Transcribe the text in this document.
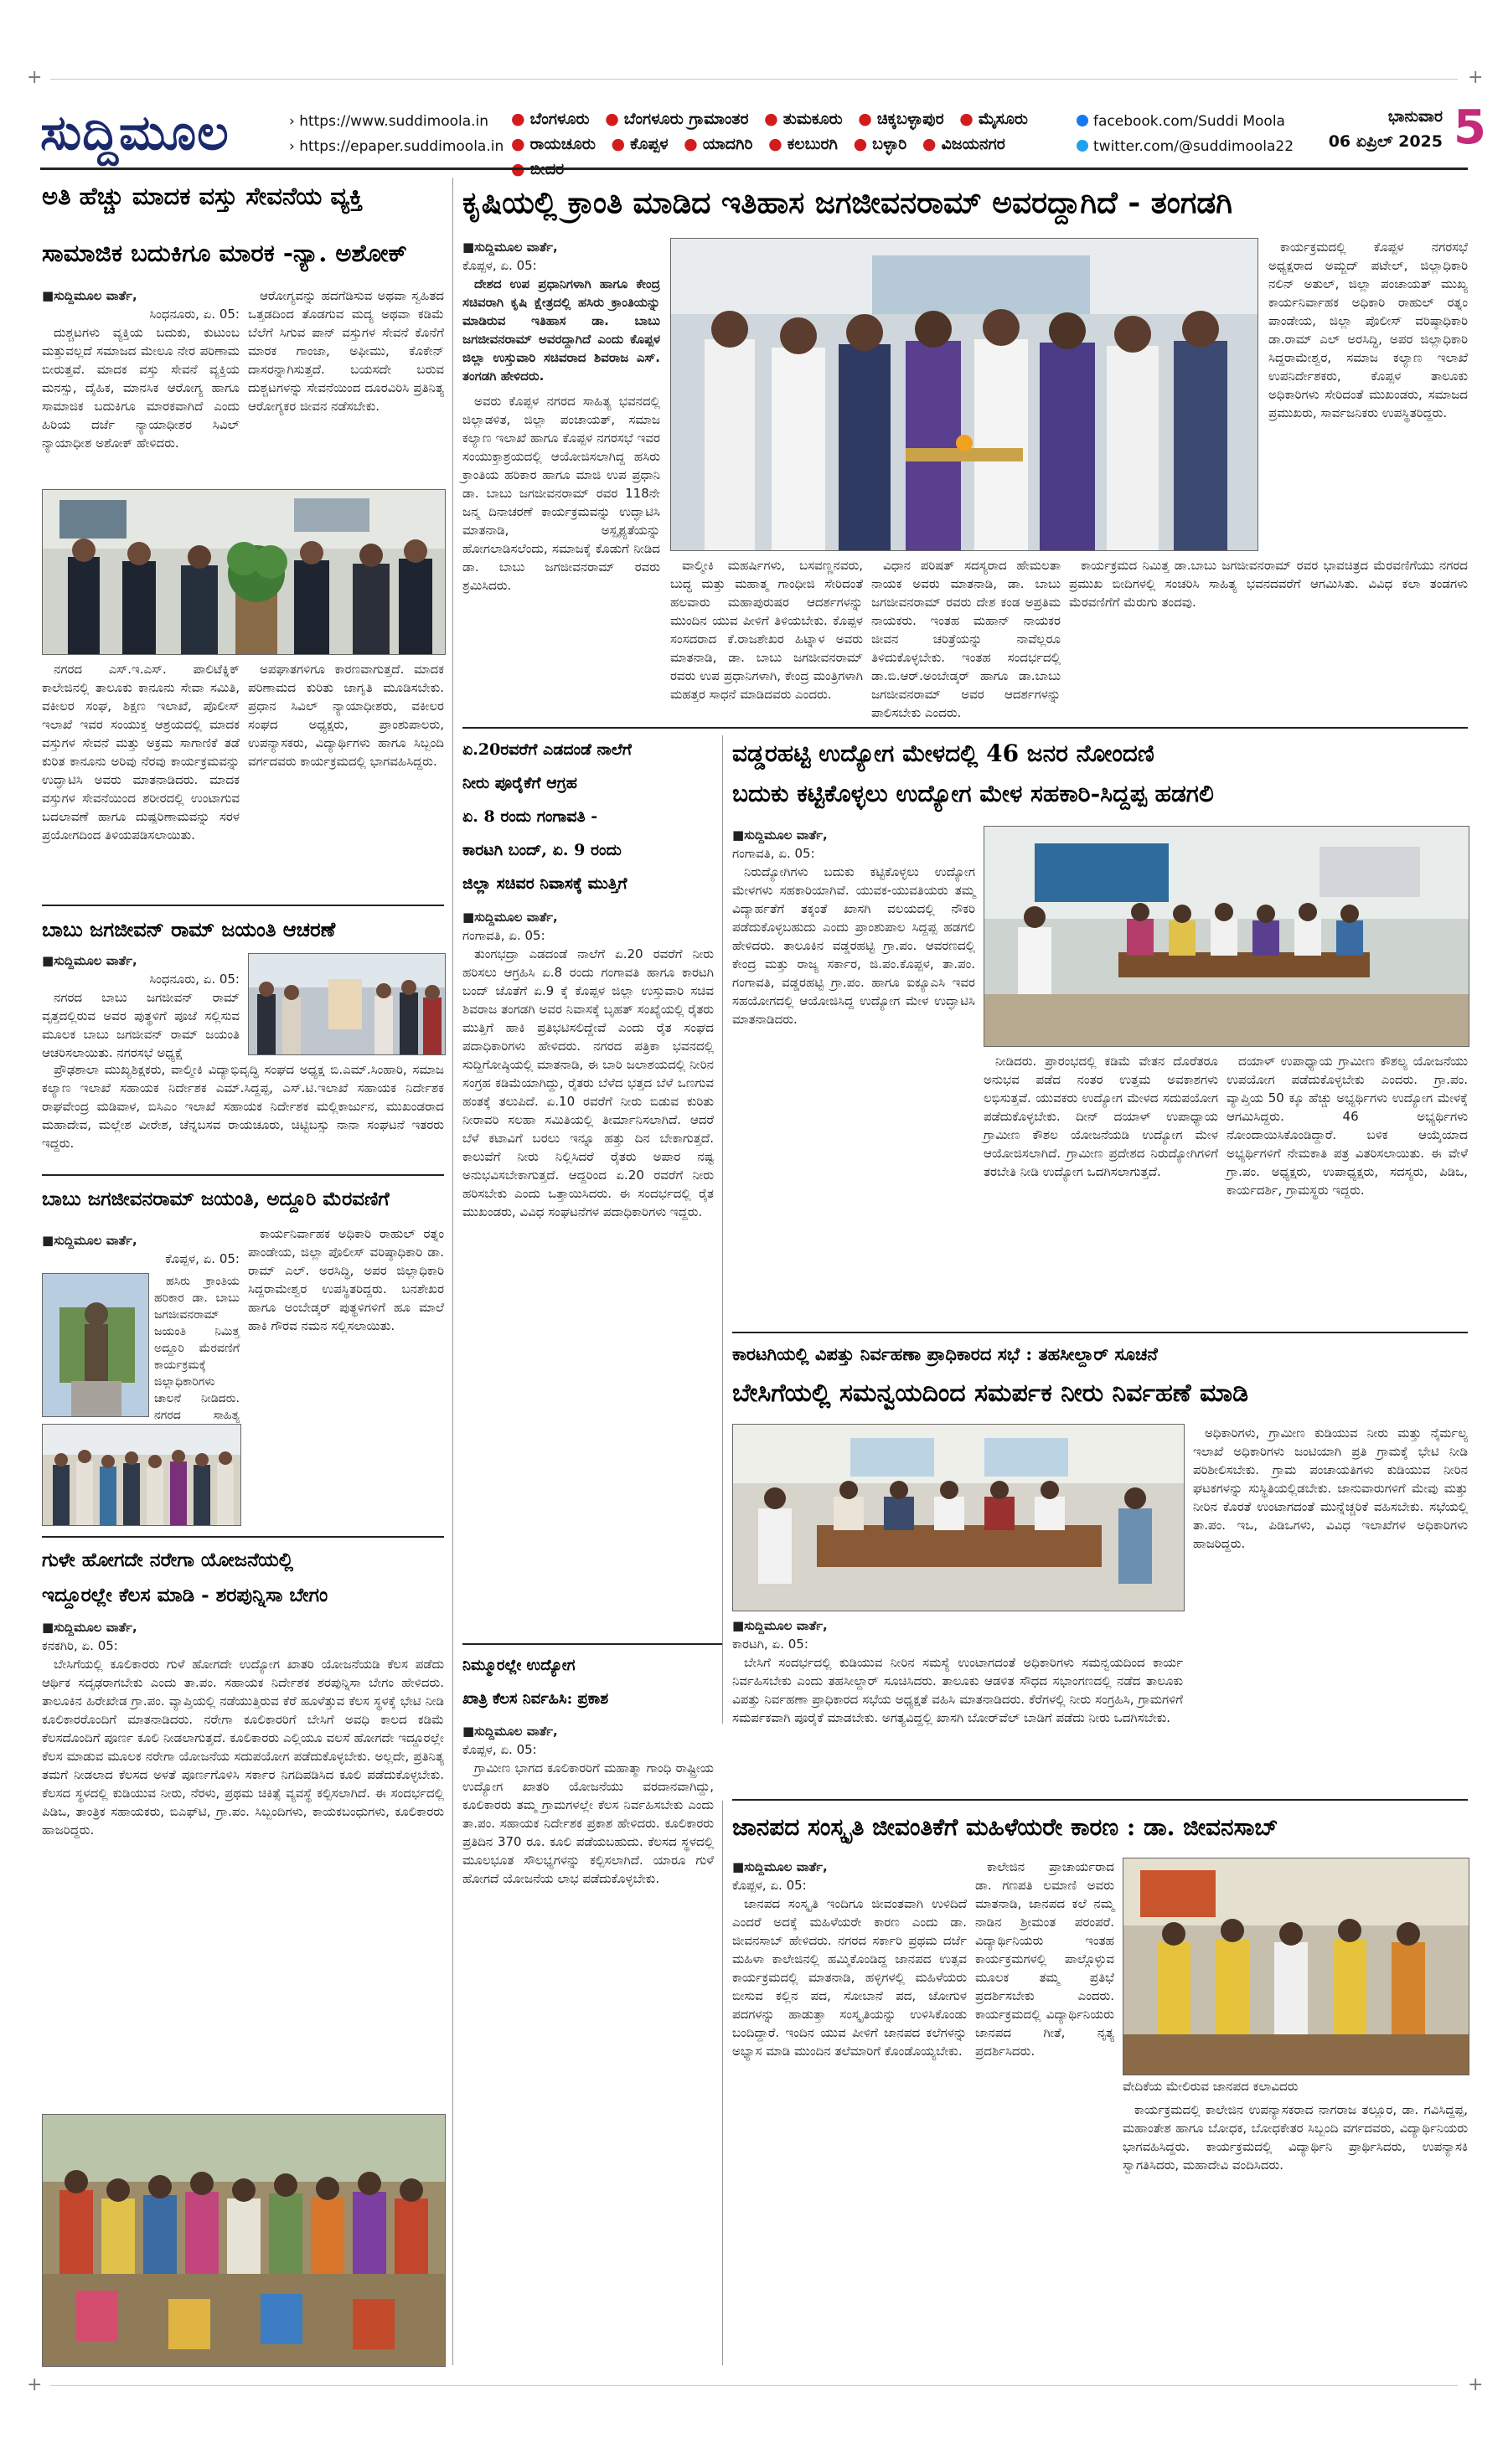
+	+
+	+
ಸುದ್ದಿಮೂಲ	› https://www.suddimoola.in
› https://epaper.suddimoola.in
● ಬೆಂಗಳೂರು ● ಬೆಂಗಳೂರು ಗ್ರಾಮಾಂತರ ● ತುಮಕೂರು ● ಚಿಕ್ಕಬಳ್ಳಾಪುರ ● ಮೈಸೂರು
● ರಾಯಚೂರು ● ಕೊಪ್ಪಳ ● ಯಾದಗಿರಿ ● ಕಲಬುರಗಿ ● ಬಳ್ಳಾರಿ ● ವಿಜಯನಗರ
facebook.com/Suddi Moola
twitter.com/@suddimoola22
ಭಾನುವಾರ
06 ಏಪ್ರಿಲ್ 2025 5
ಅತಿ ಹೆಚ್ಚು ಮಾದಕ ವಸ್ತು ಸೇವನೆಯ ವ್ಯಕ್ತಿ
ಸಾಮಾಜಿಕ ಬದುಕಿಗೂ ಮಾರಕ -ನ್ಯಾ. ಅಶೋಕ್
■ಸುದ್ದಿಮೂಲ ವಾರ್ತೆ,
ಸಿಂಧನೂರು, ಏ. 05:

ದುಶ್ಚಟಗಳು ವ್ಯಕ್ತಿಯ ಬದುಕು, ಕುಟುಂಬ ಮತ್ತುವಲ್ಲದೆ ಸಮಾಜದ ಮೇಲೂ ನೇರ ಪರಿಣಾಮ ಬೀರುತ್ತವೆ. ಮಾದಕ ವಸ್ತು ಸೇವನೆ ವ್ಯಕ್ತಿಯ ಮನಸ್ಸು, ದೈಹಿಕ, ಮಾನಸಿಕ ಆರೋಗ್ಯ ಹಾಗೂ ಸಾಮಾಜಿಕ ಬದುಕಿಗೂ ಮಾರಕವಾಗಿದೆ ಎಂದು ಹಿರಿಯ ದರ್ಜೆ ನ್ಯಾಯಾಧೀಶರ ಸಿವಿಲ್ ನ್ಯಾಯಾಧೀಶ ಅಶೋಕ್ ಹೇಳಿದರು.

ಆರೋಗ್ಯವನ್ನು ಹದಗೆಡಿಸುವ ಅಥವಾ ಸ್ವಹಿತದ ಒತ್ತಡದಿಂದ ತೊಡಗುವ ಮದ್ಯ ಅಥವಾ ಕಡಿಮೆ ಬೆಲೆಗೆ ಸಿಗುವ ಪಾನ್ ವಸ್ತುಗಳ ಸೇವನೆ ಕೊನೆಗೆ ಮಾರಕ ಗಾಂಜಾ, ಅಫೀಮು, ಕೊಕೇನ್ ದಾಸರನ್ನಾಗಿಸುತ್ತದೆ. ಬಯಸದೇ ಬರುವ ದುಶ್ಚಟಗಳನ್ನು ಸೇವನೆಯಿಂದ ದೂರವಿರಿಸಿ ಪ್ರತಿನಿತ್ಯ ಆರೋಗ್ಯಕರ ಜೀವನ ನಡೆಸಬೇಕು.

ನಗರದ ಎಸ್.ಇ.ಎಸ್. ಪಾಲಿಟೆಕ್ನಿಕ್ ಕಾಲೇಜಿನಲ್ಲಿ ತಾಲೂಕು ಕಾನೂನು ಸೇವಾ ಸಮಿತಿ, ವಕೀಲರ ಸಂಘ, ಶಿಕ್ಷಣ ಇಲಾಖೆ, ಪೊಲೀಸ್ ಇಲಾಖೆ ಇವರ ಸಂಯುಕ್ತ ಆಶ್ರಯದಲ್ಲಿ ಮಾದಕ ವಸ್ತುಗಳ ಸೇವನೆ ಮತ್ತು ಅಕ್ರಮ ಸಾಗಾಣಿಕೆ ತಡೆ ಕುರಿತ ಕಾನೂನು ಅರಿವು ನೆರವು ಕಾರ್ಯಕ್ರಮವನ್ನು ಉದ್ಘಾಟಿಸಿ ಅವರು ಮಾತನಾಡಿದರು. ಮಾದಕ ವಸ್ತುಗಳ ಸೇವನೆಯಿಂದ ಶರೀರದಲ್ಲಿ ಉಂಟಾಗುವ ಬದಲಾವಣೆ ಹಾಗೂ ದುಷ್ಪರಿಣಾಮವನ್ನು ಸರಳ ಪ್ರಯೋಗದಿಂದ ತಿಳಿಯಪಡಿಸಲಾಯಿತು.

ಅಪಘಾತಗಳಿಗೂ ಕಾರಣವಾಗುತ್ತದೆ. ಮಾದಕ ಪರಿಣಾಮದ ಕುರಿತು ಜಾಗೃತಿ ಮೂಡಿಸಬೇಕು. ಪ್ರಧಾನ ಸಿವಿಲ್ ನ್ಯಾಯಾಧೀಶರು, ವಕೀಲರ ಸಂಘದ ಅಧ್ಯಕ್ಷರು, ಪ್ರಾಂಶುಪಾಲರು, ಉಪನ್ಯಾಸಕರು, ವಿದ್ಯಾರ್ಥಿಗಳು ಹಾಗೂ ಸಿಬ್ಬಂದಿ ವರ್ಗದವರು ಕಾರ್ಯಕ್ರಮದಲ್ಲಿ ಭಾಗವಹಿಸಿದ್ದರು.

ಬಾಬು ಜಗಜೀವನ್ ರಾಮ್ ಜಯಂತಿ ಆಚರಣೆ
■ಸುದ್ದಿಮೂಲ ವಾರ್ತೆ,
ಸಿಂಧನೂರು, ಏ. 05:

ನಗರದ ಬಾಬು ಜಗಜೀವನ್ ರಾಮ್ ವೃತ್ತದಲ್ಲಿರುವ ಅವರ ಪುತ್ಥಳಿಗೆ ಪೂಜೆ ಸಲ್ಲಿಸುವ ಮೂಲಕ ಬಾಬು ಜಗಜೀವನ್ ರಾಮ್ ಜಯಂತಿ ಆಚರಿಸಲಾಯಿತು. ನಗರಸಭೆ ಅಧ್ಯಕ್ಷೆ

ಪ್ರೌಢಶಾಲಾ ಮುಖ್ಯಶಿಕ್ಷಕರು, ವಾಲ್ಮೀಕಿ ವಿದ್ಯಾಭಿವೃದ್ಧಿ ಸಂಘದ ಅಧ್ಯಕ್ಷ ಬಿ.ಎಮ್.ಸಿಂಹಾರಿ, ಸಮಾಜ ಕಲ್ಯಾಣ ಇಲಾಖೆ ಸಹಾಯಕ ನಿರ್ದೇಶಕ ಎಮ್.ಸಿದ್ದಪ್ಪ, ಎಸ್.ಟಿ.ಇಲಾಖೆ ಸಹಾಯಕ ನಿರ್ದೇಶಕ ರಾಘವೇಂದ್ರ ಮಡಿವಾಳ, ಬಿಸಿಎಂ ಇಲಾಖೆ ಸಹಾಯಕ ನಿರ್ದೇಶಕ ಮಲ್ಲಿಕಾರ್ಜುನ, ಮುಖಂಡರಾದ ಮಹಾದೇವ, ಮಲ್ಲೇಶ ವೀರೇಶ, ಚೆನ್ನಬಸವ ರಾಯಚೂರು, ಚಿಟ್ಟಿಬಸ್ಸು ನಾನಾ ಸಂಘಟನೆ ಇತರರು ಇದ್ದರು.

ಬಾಬು ಜಗಜೀವನರಾಮ್ ಜಯಂತಿ, ಅದ್ದೂರಿ ಮೆರವಣಿಗೆ
■ಸುದ್ದಿಮೂಲ ವಾರ್ತೆ,
ಕೊಪ್ಪಳ, ಏ. 05:

ಹಸಿರು ಕ್ರಾಂತಿಯ ಹರಿಕಾರ ಡಾ. ಬಾಬು ಜಗಜೀವನರಾಮ್ ಜಯಂತಿ ನಿಮಿತ್ತ ಅದ್ದೂರಿ ಮೆರವಣಿಗೆ ಕಾರ್ಯಕ್ರಮಕ್ಕೆ ಜಿಲ್ಲಾಧಿಕಾರಿಗಳು ಚಾಲನೆ ನೀಡಿದರು. ನಗರದ ಸಾಹಿತ್ಯ

ಕಾರ್ಯನಿರ್ವಾಹಕ ಅಧಿಕಾರಿ ರಾಹುಲ್ ರತ್ನಂ ಪಾಂಡೇಯ, ಜಿಲ್ಲಾ ಪೊಲೀಸ್ ವರಿಷ್ಠಾಧಿಕಾರಿ ಡಾ. ರಾಮ್ ಎಲ್. ಅರಸಿದ್ಧಿ, ಅಪರ ಜಿಲ್ಲಾಧಿಕಾರಿ ಸಿದ್ದರಾಮೇಶ್ವರ ಉಪಸ್ಥಿತರಿದ್ದರು. ಬನಶೇಖರ ಹಾಗೂ ಅಂಬೇಡ್ಕರ್ ಪುತ್ಥಳಿಗಳಿಗೆ ಹೂ ಮಾಲೆ ಹಾಕಿ ಗೌರವ ನಮನ ಸಲ್ಲಿಸಲಾಯಿತು.

ಗುಳೇ ಹೋಗದೇ ನರೇಗಾ ಯೋಜನೆಯಲ್ಲಿ
ಇದ್ದೂರಲ್ಲೇ ಕೆಲಸ ಮಾಡಿ - ಶರಪುನ್ನಿಸಾ ಬೇಗಂ
■ಸುದ್ದಿಮೂಲ ವಾರ್ತೆ,
ಕನಕಗಿರಿ, ಏ. 05:

ಬೇಸಿಗೆಯಲ್ಲಿ ಕೂಲಿಕಾರರು ಗುಳೆ ಹೋಗದೇ ಉದ್ಯೋಗ ಖಾತರಿ ಯೋಜನೆಯಡಿ ಕೆಲಸ ಪಡೆದು ಆರ್ಥಿಕ ಸದೃಢರಾಗಬೇಕು ಎಂದು ತಾ.ಪಂ. ಸಹಾಯಕ ನಿರ್ದೇಶಕ ಶರಪುನ್ನಿಸಾ ಬೇಗಂ ಹೇಳಿದರು. ತಾಲೂಕಿನ ಹಿರೇಖೇಡ ಗ್ರಾ.ಪಂ. ವ್ಯಾಪ್ತಿಯಲ್ಲಿ ನಡೆಯುತ್ತಿರುವ ಕೆರೆ ಹೂಳೆತ್ತುವ ಕೆಲಸ ಸ್ಥಳಕ್ಕೆ ಭೇಟಿ ನೀಡಿ ಕೂಲಿಕಾರರೊಂದಿಗೆ ಮಾತನಾಡಿದರು. ನರೇಗಾ ಕೂಲಿಕಾರರಿಗೆ ಬೇಸಿಗೆ ಅವಧಿ ಕಾಲದ ಕಡಿಮೆ ಕೆಲಸದೊಂದಿಗೆ ಪೂರ್ಣ ಕೂಲಿ ನೀಡಲಾಗುತ್ತದೆ. ಕೂಲಿಕಾರರು ಎಲ್ಲಿಯೂ ವಲಸೆ ಹೋಗದೇ ಇದ್ದೂರಲ್ಲೇ ಕೆಲಸ ಮಾಡುವ ಮೂಲಕ ನರೇಗಾ ಯೋಜನೆಯ ಸದುಪಯೋಗ ಪಡೆದುಕೊಳ್ಳಬೇಕು. ಅಲ್ಲದೇ, ಪ್ರತಿನಿತ್ಯ ತಮಗೆ ನೀಡಲಾದ ಕೆಲಸದ ಅಳತೆ ಪೂರ್ಣಗೊಳಿಸಿ ಸರ್ಕಾರ ನಿಗದಿಪಡಿಸಿದ ಕೂಲಿ ಪಡೆದುಕೊಳ್ಳಬೇಕು. ಕೆಲಸದ ಸ್ಥಳದಲ್ಲಿ ಕುಡಿಯುವ ನೀರು, ನೆರಳು, ಪ್ರಥಮ ಚಿಕಿತ್ಸೆ ವ್ಯವಸ್ಥೆ ಕಲ್ಪಿಸಲಾಗಿದೆ. ಈ ಸಂದರ್ಭದಲ್ಲಿ ಪಿಡಿಒ, ತಾಂತ್ರಿಕ ಸಹಾಯಕರು, ಬಿಎಫ್‌ಟಿ, ಗ್ರಾ.ಪಂ. ಸಿಬ್ಬಂದಿಗಳು, ಕಾಯಕಬಂಧುಗಳು, ಕೂಲಿಕಾರರು ಹಾಜರಿದ್ದರು.

ಕೃಷಿಯಲ್ಲಿ ಕ್ರಾಂತಿ ಮಾಡಿದ ಇತಿಹಾಸ ಜಗಜೀವನರಾಮ್ ಅವರದ್ದಾಗಿದೆ - ತಂಗಡಗಿ
■ಸುದ್ದಿಮೂಲ ವಾರ್ತೆ,
ಕೊಪ್ಪಳ, ಏ. 05:

ದೇಶದ ಉಪ ಪ್ರಧಾನಿಗಳಾಗಿ ಹಾಗೂ ಕೇಂದ್ರ ಸಚಿವರಾಗಿ ಕೃಷಿ ಕ್ಷೇತ್ರದಲ್ಲಿ ಹಸಿರು ಕ್ರಾಂತಿಯನ್ನು ಮಾಡಿರುವ ಇತಿಹಾಸ ಡಾ. ಬಾಬು ಜಗಜೀವನರಾಮ್ ಅವರದ್ದಾಗಿದೆ ಎಂದು ಕೊಪ್ಪಳ ಜಿಲ್ಲಾ ಉಸ್ತುವಾರಿ ಸಚಿವರಾದ ಶಿವರಾಜ ಎಸ್. ತಂಗಡಗಿ ಹೇಳಿದರು.

ಅವರು ಕೊಪ್ಪಳ ನಗರದ ಸಾಹಿತ್ಯ ಭವನದಲ್ಲಿ ಜಿಲ್ಲಾಡಳಿತ, ಜಿಲ್ಲಾ ಪಂಚಾಯತ್, ಸಮಾಜ ಕಲ್ಯಾಣ ಇಲಾಖೆ ಹಾಗೂ ಕೊಪ್ಪಳ ನಗರಸಭೆ ಇವರ ಸಂಯುಕ್ತಾಶ್ರಯದಲ್ಲಿ ಆಯೋಜಿಸಲಾಗಿದ್ದ ಹಸಿರು ಕ್ರಾಂತಿಯ ಹರಿಕಾರ ಹಾಗೂ ಮಾಜಿ ಉಪ ಪ್ರಧಾನಿ ಡಾ. ಬಾಬು ಜಗಜೀವನರಾಮ್ ರವರ 118ನೇ ಜನ್ಮ ದಿನಾಚರಣೆ ಕಾರ್ಯಕ್ರಮವನ್ನು ಉದ್ಘಾಟಿಸಿ ಮಾತನಾಡಿ, ಅಸ್ಪೃಶ್ಯತೆಯನ್ನು ಹೋಗಲಾಡಿಸಲೆಂದು, ಸಮಾಜಕ್ಕೆ ಕೊಡುಗೆ ನೀಡಿದ ಡಾ. ಬಾಬು ಜಗಜೀವನರಾಮ್ ರವರು ಶ್ರಮಿಸಿದರು.

ವಾಲ್ಮೀಕಿ ಮಹರ್ಷಿಗಳು, ಬಸವಣ್ಣನವರು, ಬುದ್ಧ ಮತ್ತು ಮಹಾತ್ಮ ಗಾಂಧೀಜಿ ಸೇರಿದಂತೆ ಹಲವಾರು ಮಹಾಪುರುಷರ ಆದರ್ಶಗಳನ್ನು ಮುಂದಿನ ಯುವ ಪೀಳಿಗೆ ತಿಳಿಯಬೇಕು. ಕೊಪ್ಪಳ ಸಂಸದರಾದ ಕೆ.ರಾಜಶೇಖರ ಹಿಟ್ನಾಳ ಅವರು ಮಾತನಾಡಿ, ಡಾ. ಬಾಬು ಜಗಜೀವನರಾಮ್ ರವರು ಉಪ ಪ್ರಧಾನಿಗಳಾಗಿ, ಕೇಂದ್ರ ಮಂತ್ರಿಗಳಾಗಿ ಮಹತ್ತರ ಸಾಧನೆ ಮಾಡಿದವರು ಎಂದರು.

ವಿಧಾನ ಪರಿಷತ್ ಸದಸ್ಯರಾದ ಹೇಮಲತಾ ನಾಯಕ ಅವರು ಮಾತನಾಡಿ, ಡಾ. ಬಾಬು ಜಗಜೀವನರಾಮ್ ರವರು ದೇಶ ಕಂಡ ಅಪ್ರತಿಮ ನಾಯಕರು. ಇಂತಹ ಮಹಾನ್ ನಾಯಕರ ಜೀವನ ಚರಿತ್ರೆಯನ್ನು ನಾವೆಲ್ಲರೂ ತಿಳಿದುಕೊಳ್ಳಬೇಕು. ಇಂತಹ ಸಂದರ್ಭದಲ್ಲಿ ಡಾ.ಬಿ.ಆರ್.ಅಂಬೇಡ್ಕರ್ ಹಾಗೂ ಡಾ.ಬಾಬು ಜಗಜೀವನರಾಮ್ ಅವರ ಆದರ್ಶಗಳನ್ನು ಪಾಲಿಸಬೇಕು ಎಂದರು.

ಕಾರ್ಯಕ್ರಮದಲ್ಲಿ ಕೊಪ್ಪಳ ನಗರಸಭೆ ಅಧ್ಯಕ್ಷರಾದ ಅಮ್ಜದ್ ಪಟೇಲ್, ಜಿಲ್ಲಾಧಿಕಾರಿ ನಲಿನ್ ಅತುಲ್, ಜಿಲ್ಲಾ ಪಂಚಾಯತ್ ಮುಖ್ಯ ಕಾರ್ಯನಿರ್ವಾಹಕ ಅಧಿಕಾರಿ ರಾಹುಲ್ ರತ್ನಂ ಪಾಂಡೇಯ, ಜಿಲ್ಲಾ ಪೊಲೀಸ್ ವರಿಷ್ಠಾಧಿಕಾರಿ ಡಾ.ರಾಮ್ ಎಲ್ ಅರಸಿದ್ಧಿ, ಅಪರ ಜಿಲ್ಲಾಧಿಕಾರಿ ಸಿದ್ದರಾಮೇಶ್ವರ, ಸಮಾಜ ಕಲ್ಯಾಣ ಇಲಾಖೆ ಉಪನಿರ್ದೇಶಕರು, ಕೊಪ್ಪಳ ತಾಲೂಕು ಅಧಿಕಾರಿಗಳು ಸೇರಿದಂತೆ ಮುಖಂಡರು, ಸಮಾಜದ ಪ್ರಮುಖರು, ಸಾರ್ವಜನಿಕರು ಉಪಸ್ಥಿತರಿದ್ದರು.

ಕಾರ್ಯಕ್ರಮದ ನಿಮಿತ್ತ ಡಾ.ಬಾಬು ಜಗಜೀವನರಾಮ್ ರವರ ಭಾವಚಿತ್ರದ ಮೆರವಣಿಗೆಯು ನಗರದ ಪ್ರಮುಖ ಬೀದಿಗಳಲ್ಲಿ ಸಂಚರಿಸಿ ಸಾಹಿತ್ಯ ಭವನದವರೆಗೆ ಆಗಮಿಸಿತು. ವಿವಿಧ ಕಲಾ ತಂಡಗಳು ಮೆರವಣಿಗೆಗೆ ಮೆರುಗು ತಂದವು.

ಏ.20ರವರೆಗೆ ಎಡದಂಡೆ ನಾಲೆಗೆ
ನೀರು ಪೂರೈಕೆಗೆ ಆಗ್ರಹ
ಏ. 8 ರಂದು ಗಂಗಾವತಿ -
ಕಾರಟಗಿ ಬಂದ್, ಏ. 9 ರಂದು
ಜಿಲ್ಲಾ ಸಚಿವರ ನಿವಾಸಕ್ಕೆ ಮುತ್ತಿಗೆ
■ಸುದ್ದಿಮೂಲ ವಾರ್ತೆ,
ಗಂಗಾವತಿ, ಏ. 05:

ತುಂಗಭದ್ರಾ ಎಡದಂಡೆ ನಾಲೆಗೆ ಏ.20 ರವರೆಗೆ ನೀರು ಹರಿಸಲು ಆಗ್ರಹಿಸಿ ಏ.8 ರಂದು ಗಂಗಾವತಿ ಹಾಗೂ ಕಾರಟಗಿ ಬಂದ್ ಜೊತೆಗೆ ಏ.9 ಕ್ಕೆ ಕೊಪ್ಪಳ ಜಿಲ್ಲಾ ಉಸ್ತುವಾರಿ ಸಚಿವ ಶಿವರಾಜ ತಂಗಡಗಿ ಅವರ ನಿವಾಸಕ್ಕೆ ಬೃಹತ್ ಸಂಖ್ಯೆಯಲ್ಲಿ ರೈತರು ಮುತ್ತಿಗೆ ಹಾಕಿ ಪ್ರತಿಭಟಿಸಲಿದ್ದೇವೆ ಎಂದು ರೈತ ಸಂಘದ ಪದಾಧಿಕಾರಿಗಳು ಹೇಳಿದರು. ನಗರದ ಪತ್ರಿಕಾ ಭವನದಲ್ಲಿ ಸುದ್ದಿಗೋಷ್ಠಿಯಲ್ಲಿ ಮಾತನಾಡಿ, ಈ ಬಾರಿ ಜಲಾಶಯದಲ್ಲಿ ನೀರಿನ ಸಂಗ್ರಹ ಕಡಿಮೆಯಾಗಿದ್ದು, ರೈತರು ಬೆಳೆದ ಭತ್ತದ ಬೆಳೆ ಒಣಗುವ ಹಂತಕ್ಕೆ ತಲುಪಿದೆ. ಏ.10 ರವರೆಗೆ ನೀರು ಬಿಡುವ ಕುರಿತು ನೀರಾವರಿ ಸಲಹಾ ಸಮಿತಿಯಲ್ಲಿ ತೀರ್ಮಾನಿಸಲಾಗಿದೆ. ಆದರೆ ಬೆಳೆ ಕಟಾವಿಗೆ ಬರಲು ಇನ್ನೂ ಹತ್ತು ದಿನ ಬೇಕಾಗುತ್ತದೆ. ಕಾಲುವೆಗೆ ನೀರು ನಿಲ್ಲಿಸಿದರೆ ರೈತರು ಅಪಾರ ನಷ್ಟ ಅನುಭವಿಸಬೇಕಾಗುತ್ತದೆ. ಆದ್ದರಿಂದ ಏ.20 ರವರೆಗೆ ನೀರು ಹರಿಸಬೇಕು ಎಂದು ಒತ್ತಾಯಿಸಿದರು. ಈ ಸಂದರ್ಭದಲ್ಲಿ ರೈತ ಮುಖಂಡರು, ವಿವಿಧ ಸಂಘಟನೆಗಳ ಪದಾಧಿಕಾರಿಗಳು ಇದ್ದರು.

ವಡ್ಡರಹಟ್ಟಿ ಉದ್ಯೋಗ ಮೇಳದಲ್ಲಿ 46 ಜನರ ನೋಂದಣಿ
ಬದುಕು ಕಟ್ಟಿಕೊಳ್ಳಲು ಉದ್ಯೋಗ ಮೇಳ ಸಹಕಾರಿ-ಸಿದ್ದಪ್ಪ ಹಡಗಲಿ
■ಸುದ್ದಿಮೂಲ ವಾರ್ತೆ,
ಗಂಗಾವತಿ, ಏ. 05:

ನಿರುದ್ಯೋಗಿಗಳು ಬದುಕು ಕಟ್ಟಿಕೊಳ್ಳಲು ಉದ್ಯೋಗ ಮೇಳಗಳು ಸಹಕಾರಿಯಾಗಿವೆ. ಯುವಕ-ಯುವತಿಯರು ತಮ್ಮ ವಿದ್ಯಾರ್ಹತೆಗೆ ತಕ್ಕಂತೆ ಖಾಸಗಿ ವಲಯದಲ್ಲಿ ನೌಕರಿ ಪಡೆದುಕೊಳ್ಳಬಹುದು ಎಂದು ಪ್ರಾಂಶುಪಾಲ ಸಿದ್ದಪ್ಪ ಹಡಗಲಿ ಹೇಳಿದರು. ತಾಲೂಕಿನ ವಡ್ಡರಹಟ್ಟಿ ಗ್ರಾ.ಪಂ. ಆವರಣದಲ್ಲಿ ಕೇಂದ್ರ ಮತ್ತು ರಾಜ್ಯ ಸರ್ಕಾರ, ಜಿ.ಪಂ.ಕೊಪ್ಪಳ, ತಾ.ಪಂ. ಗಂಗಾವತಿ, ವಡ್ಡರಹಟ್ಟಿ ಗ್ರಾ.ಪಂ. ಹಾಗೂ ಐಕ್ಯೂಎಸಿ ಇವರ ಸಹಯೋಗದಲ್ಲಿ ಆಯೋಜಿಸಿದ್ದ ಉದ್ಯೋಗ ಮೇಳ ಉದ್ಘಾಟಿಸಿ ಮಾತನಾಡಿದರು.

ನೀಡಿದರು. ಪ್ರಾರಂಭದಲ್ಲಿ ಕಡಿಮೆ ವೇತನ ದೊರೆತರೂ ಅನುಭವ ಪಡೆದ ನಂತರ ಉತ್ತಮ ಅವಕಾಶಗಳು ಲಭಿಸುತ್ತವೆ. ಯುವಕರು ಉದ್ಯೋಗ ಮೇಳದ ಸದುಪಯೋಗ ಪಡೆದುಕೊಳ್ಳಬೇಕು. ದೀನ್ ದಯಾಳ್ ಉಪಾಧ್ಯಾಯ ಗ್ರಾಮೀಣ ಕೌಶಲ ಯೋಜನೆಯಡಿ ಉದ್ಯೋಗ ಮೇಳ ಆಯೋಜಿಸಲಾಗಿದೆ. ಗ್ರಾಮೀಣ ಪ್ರದೇಶದ ನಿರುದ್ಯೋಗಿಗಳಿಗೆ ತರಬೇತಿ ನೀಡಿ ಉದ್ಯೋಗ ಒದಗಿಸಲಾಗುತ್ತದೆ.

ದಯಾಳ್ ಉಪಾಧ್ಯಾಯ ಗ್ರಾಮೀಣ ಕೌಶಲ್ಯ ಯೋಜನೆಯು ಉಪಯೋಗ ಪಡೆದುಕೊಳ್ಳಬೇಕು ಎಂದರು. ಗ್ರಾ.ಪಂ. ವ್ಯಾಪ್ತಿಯ 50 ಕ್ಕೂ ಹೆಚ್ಚು ಅಭ್ಯರ್ಥಿಗಳು ಉದ್ಯೋಗ ಮೇಳಕ್ಕೆ ಆಗಮಿಸಿದ್ದರು. 46 ಅಭ್ಯರ್ಥಿಗಳು ನೋಂದಾಯಿಸಿಕೊಂಡಿದ್ದಾರೆ. ಬಳಿಕ ಆಯ್ಕೆಯಾದ ಅಭ್ಯರ್ಥಿಗಳಿಗೆ ನೇಮಕಾತಿ ಪತ್ರ ವಿತರಿಸಲಾಯಿತು. ಈ ವೇಳೆ ಗ್ರಾ.ಪಂ. ಅಧ್ಯಕ್ಷರು, ಉಪಾಧ್ಯಕ್ಷರು, ಸದಸ್ಯರು, ಪಿಡಿಒ, ಕಾರ್ಯದರ್ಶಿ, ಗ್ರಾಮಸ್ಥರು ಇದ್ದರು.

ಕಾರಟಗಿಯಲ್ಲಿ ವಿಪತ್ತು ನಿರ್ವಹಣಾ ಪ್ರಾಧಿಕಾರದ ಸಭೆ : ತಹಸೀಲ್ದಾರ್ ಸೂಚನೆ
ಬೇಸಿಗೆಯಲ್ಲಿ ಸಮನ್ವಯದಿಂದ ಸಮರ್ಪಕ ನೀರು ನಿರ್ವಹಣೆ ಮಾಡಿ
■ಸುದ್ದಿಮೂಲ ವಾರ್ತೆ,
ಕಾರಟಗಿ, ಏ. 05:

ಬೇಸಿಗೆ ಸಂದರ್ಭದಲ್ಲಿ ಕುಡಿಯುವ ನೀರಿನ ಸಮಸ್ಯೆ ಉಂಟಾಗದಂತೆ ಅಧಿಕಾರಿಗಳು ಸಮನ್ವಯದಿಂದ ಕಾರ್ಯ ನಿರ್ವಹಿಸಬೇಕು ಎಂದು ತಹಸೀಲ್ದಾರ್ ಸೂಚಿಸಿದರು. ತಾಲೂಕು ಆಡಳಿತ ಸೌಧದ ಸಭಾಂಗಣದಲ್ಲಿ ನಡೆದ ತಾಲೂಕು ವಿಪತ್ತು ನಿರ್ವಹಣಾ ಪ್ರಾಧಿಕಾರದ ಸಭೆಯ ಅಧ್ಯಕ್ಷತೆ ವಹಿಸಿ ಮಾತನಾಡಿದರು. ಕೆರೆಗಳಲ್ಲಿ ನೀರು ಸಂಗ್ರಹಿಸಿ, ಗ್ರಾಮಗಳಿಗೆ ಸಮರ್ಪಕವಾಗಿ ಪೂರೈಕೆ ಮಾಡಬೇಕು. ಅಗತ್ಯವಿದ್ದಲ್ಲಿ ಖಾಸಗಿ ಬೋರ್‌ವೆಲ್ ಬಾಡಿಗೆ ಪಡೆದು ನೀರು ಒದಗಿಸಬೇಕು.

ಅಧಿಕಾರಿಗಳು, ಗ್ರಾಮೀಣ ಕುಡಿಯುವ ನೀರು ಮತ್ತು ನೈರ್ಮಲ್ಯ ಇಲಾಖೆ ಅಧಿಕಾರಿಗಳು ಜಂಟಿಯಾಗಿ ಪ್ರತಿ ಗ್ರಾಮಕ್ಕೆ ಭೇಟಿ ನೀಡಿ ಪರಿಶೀಲಿಸಬೇಕು. ಗ್ರಾಮ ಪಂಚಾಯತಿಗಳು ಕುಡಿಯುವ ನೀರಿನ ಘಟಕಗಳನ್ನು ಸುಸ್ಥಿತಿಯಲ್ಲಿಡಬೇಕು. ಜಾನುವಾರುಗಳಿಗೆ ಮೇವು ಮತ್ತು ನೀರಿನ ಕೊರತೆ ಉಂಟಾಗದಂತೆ ಮುನ್ನೆಚ್ಚರಿಕೆ ವಹಿಸಬೇಕು. ಸಭೆಯಲ್ಲಿ ತಾ.ಪಂ. ಇಒ, ಪಿಡಿಒಗಳು, ವಿವಿಧ ಇಲಾಖೆಗಳ ಅಧಿಕಾರಿಗಳು ಹಾಜರಿದ್ದರು.

ನಿಮ್ಮೂರಲ್ಲೇ ಉದ್ಯೋಗ
ಖಾತ್ರಿ ಕೆಲಸ ನಿರ್ವಹಿಸಿ: ಪ್ರಕಾಶ
■ಸುದ್ದಿಮೂಲ ವಾರ್ತೆ,
ಕೊಪ್ಪಳ, ಏ. 05:

ಗ್ರಾಮೀಣ ಭಾಗದ ಕೂಲಿಕಾರರಿಗೆ ಮಹಾತ್ಮಾ ಗಾಂಧಿ ರಾಷ್ಟ್ರೀಯ ಉದ್ಯೋಗ ಖಾತರಿ ಯೋಜನೆಯು ವರದಾನವಾಗಿದ್ದು, ಕೂಲಿಕಾರರು ತಮ್ಮ ಗ್ರಾಮಗಳಲ್ಲೇ ಕೆಲಸ ನಿರ್ವಹಿಸಬೇಕು ಎಂದು ತಾ.ಪಂ. ಸಹಾಯಕ ನಿರ್ದೇಶಕ ಪ್ರಕಾಶ ಹೇಳಿದರು. ಕೂಲಿಕಾರರು ಪ್ರತಿದಿನ 370 ರೂ. ಕೂಲಿ ಪಡೆಯಬಹುದು. ಕೆಲಸದ ಸ್ಥಳದಲ್ಲಿ ಮೂಲಭೂತ ಸೌಲಭ್ಯಗಳನ್ನು ಕಲ್ಪಿಸಲಾಗಿದೆ. ಯಾರೂ ಗುಳೆ ಹೋಗದೆ ಯೋಜನೆಯ ಲಾಭ ಪಡೆದುಕೊಳ್ಳಬೇಕು.

ಜಾನಪದ ಸಂಸ್ಕೃತಿ ಜೀವಂತಿಕೆಗೆ ಮಹಿಳೆಯರೇ ಕಾರಣ : ಡಾ. ಜೀವನಸಾಬ್
■ಸುದ್ದಿಮೂಲ ವಾರ್ತೆ,
ಕೊಪ್ಪಳ, ಏ. 05:

ಜಾನಪದ ಸಂಸ್ಕೃತಿ ಇಂದಿಗೂ ಜೀವಂತವಾಗಿ ಉಳಿದಿದೆ ಎಂದರೆ ಅದಕ್ಕೆ ಮಹಿಳೆಯರೇ ಕಾರಣ ಎಂದು ಡಾ. ಜೀವನಸಾಬ್ ಹೇಳಿದರು. ನಗರದ ಸರ್ಕಾರಿ ಪ್ರಥಮ ದರ್ಜೆ ಮಹಿಳಾ ಕಾಲೇಜಿನಲ್ಲಿ ಹಮ್ಮಿಕೊಂಡಿದ್ದ ಜಾನಪದ ಉತ್ಸವ ಕಾರ್ಯಕ್ರಮದಲ್ಲಿ ಮಾತನಾಡಿ, ಹಳ್ಳಿಗಳಲ್ಲಿ ಮಹಿಳೆಯರು ಬೀಸುವ ಕಲ್ಲಿನ ಪದ, ಸೋಬಾನೆ ಪದ, ಜೋಗುಳ ಪದಗಳನ್ನು ಹಾಡುತ್ತಾ ಸಂಸ್ಕೃತಿಯನ್ನು ಉಳಿಸಿಕೊಂಡು ಬಂದಿದ್ದಾರೆ. ಇಂದಿನ ಯುವ ಪೀಳಿಗೆ ಜಾನಪದ ಕಲೆಗಳನ್ನು ಅಭ್ಯಾಸ ಮಾಡಿ ಮುಂದಿನ ತಲೆಮಾರಿಗೆ ಕೊಂಡೊಯ್ಯಬೇಕು.

ಕಾಲೇಜಿನ ಪ್ರಾಚಾರ್ಯರಾದ ಡಾ. ಗಣಪತಿ ಲಮಾಣಿ ಅವರು ಮಾತನಾಡಿ, ಜಾನಪದ ಕಲೆ ನಮ್ಮ ನಾಡಿನ ಶ್ರೀಮಂತ ಪರಂಪರೆ. ವಿದ್ಯಾರ್ಥಿನಿಯರು ಇಂತಹ ಕಾರ್ಯಕ್ರಮಗಳಲ್ಲಿ ಪಾಲ್ಗೊಳ್ಳುವ ಮೂಲಕ ತಮ್ಮ ಪ್ರತಿಭೆ ಪ್ರದರ್ಶಿಸಬೇಕು ಎಂದರು. ಕಾರ್ಯಕ್ರಮದಲ್ಲಿ ವಿದ್ಯಾರ್ಥಿನಿಯರು ಜಾನಪದ ಗೀತೆ, ನೃತ್ಯ ಪ್ರದರ್ಶಿಸಿದರು.

ವೇದಿಕೆಯ ಮೇಲಿರುವ ಜಾನಪದ ಕಲಾವಿದರು

ಕಾರ್ಯಕ್ರಮದಲ್ಲಿ ಕಾಲೇಜಿನ ಉಪನ್ಯಾಸಕರಾದ ನಾಗರಾಜ ತಲ್ಲೂರ, ಡಾ. ಗವಿಸಿದ್ದಪ್ಪ, ಮಹಾಂತೇಶ ಹಾಗೂ ಬೋಧಕ, ಬೋಧಕೇತರ ಸಿಬ್ಬಂದಿ ವರ್ಗದವರು, ವಿದ್ಯಾರ್ಥಿನಿಯರು ಭಾಗವಹಿಸಿದ್ದರು. ಕಾರ್ಯಕ್ರಮದಲ್ಲಿ ವಿದ್ಯಾರ್ಥಿನಿ ಪ್ರಾರ್ಥಿಸಿದರು, ಉಪನ್ಯಾಸಕಿ ಸ್ವಾಗತಿಸಿದರು, ಮಹಾದೇವಿ ವಂದಿಸಿದರು.
